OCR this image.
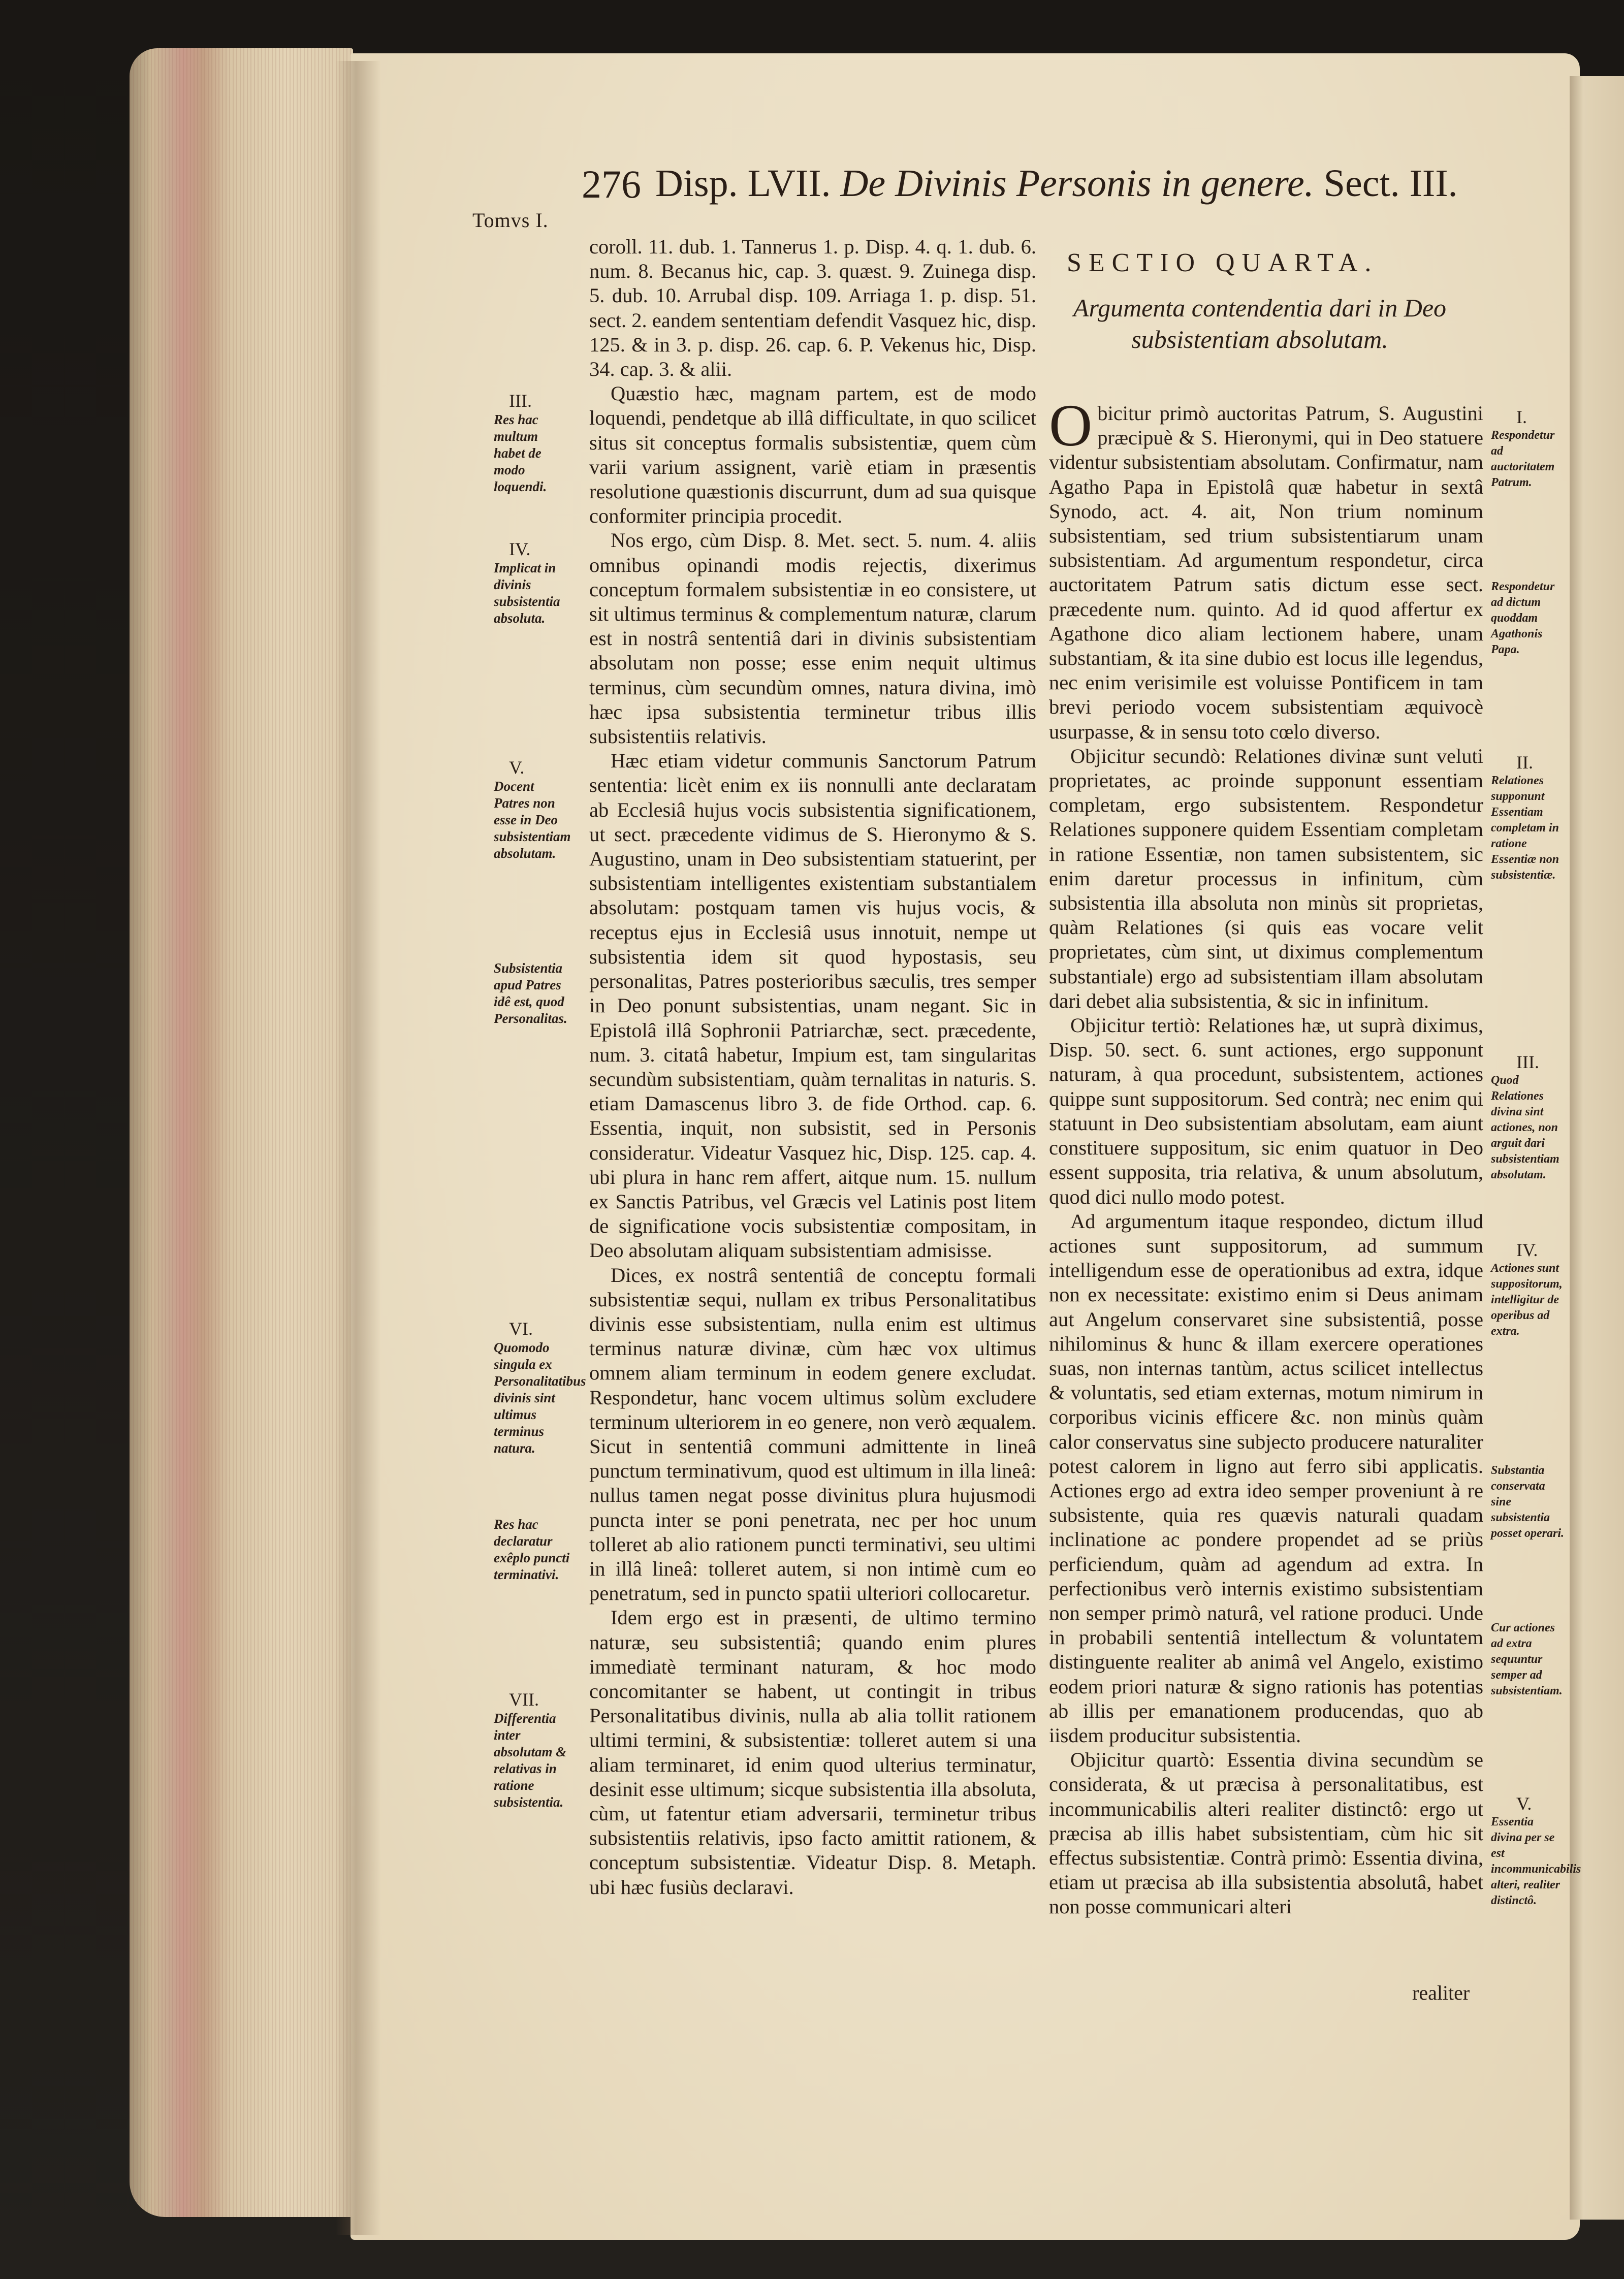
Tomvs I.
276 Disp. LVII. De Divinis Personis in genere. Sect. III.

coroll. 11. dub. 1. Tannerus 1. p. Disp. 4. q. 1. dub. 6. num. 8. Becanus hic, cap. 3. quæst. 9. Zuinega disp. 5. dub. 10. Arrubal disp. 109. Arriaga 1. p. disp. 51. sect. 2. eandem sententiam defendit Vasquez hic, disp. 125. & in 3. p. disp. 26. cap. 6. P. Vekenus hic, Disp. 34. cap. 3. & alii.

Quæstio hæc, magnam partem, est de modo loquendi, pendetque ab illâ difficultate, in quo scilicet situs sit conceptus formalis subsistentiæ, quem cùm varii varium assignent, variè etiam in præsentis resolutione quæstionis discurrunt, dum ad sua quisque conformiter principia procedit.

Nos ergo, cùm Disp. 8. Met. sect. 5. num. 4. aliis omnibus opinandi modis rejectis, dixerimus conceptum formalem subsistentiæ in eo consistere, ut sit ultimus terminus & complementum naturæ, clarum est in nostrâ sententiâ dari in divinis subsistentiam absolutam non posse; esse enim nequit ultimus terminus, cùm secundùm omnes, natura divina, imò hæc ipsa subsistentia terminetur tribus illis subsistentiis relativis.

Hæc etiam videtur communis Sanctorum Patrum sententia: licèt enim ex iis nonnulli ante declaratam ab Ecclesiâ hujus vocis subsistentia significationem, ut sect. præcedente vidimus de S. Hieronymo & S. Augustino, unam in Deo subsistentiam statuerint, per subsistentiam intelligentes existentiam substantialem absolutam: postquam tamen vis hujus vocis, & receptus ejus in Ecclesiâ usus innotuit, nempe ut subsistentia idem sit quod hypostasis, seu personalitas, Patres posterioribus sæculis, tres semper in Deo ponunt subsistentias, unam negant. Sic in Epistolâ illâ Sophronii Patriarchæ, sect. præcedente, num. 3. citatâ habetur, Impium est, tam singularitas secundùm subsistentiam, quàm ternalitas in naturis. S. etiam Damascenus libro 3. de fide Orthod. cap. 6. Essentia, inquit, non subsistit, sed in Personis consideratur. Videatur Vasquez hic, Disp. 125. cap. 4. ubi plura in hanc rem affert, aitque num. 15. nullum ex Sanctis Patribus, vel Græcis vel Latinis post litem de significatione vocis subsistentiæ compositam, in Deo absolutam aliquam subsistentiam admisisse.

Dices, ex nostrâ sententiâ de conceptu formali subsistentiæ sequi, nullam ex tribus Personalitatibus divinis esse subsistentiam, nulla enim est ultimus terminus naturæ divinæ, cùm hæc vox ultimus omnem aliam terminum in eodem genere excludat. Respondetur, hanc vocem ultimus solùm excludere terminum ulteriorem in eo genere, non verò æqualem. Sicut in sententiâ communi admittente in lineâ punctum terminativum, quod est ultimum in illa lineâ: nullus tamen negat posse divinitus plura hujusmodi puncta inter se poni penetrata, nec per hoc unum tolleret ab alio rationem puncti terminativi, seu ultimi in illâ lineâ: tolleret autem, si non intimè cum eo penetratum, sed in puncto spatii ulteriori collocaretur.

Idem ergo est in præsenti, de ultimo termino naturæ, seu subsistentiâ; quando enim plures immediatè terminant naturam, & hoc modo concomitanter se habent, ut contingit in tribus Personalitatibus divinis, nulla ab alia tollit rationem ultimi termini, & subsistentiæ: tolleret autem si una aliam terminaret, id enim quod ulterius terminatur, desinit esse ultimum; sicque subsistentia illa absoluta, cùm, ut fatentur etiam adversarii, terminetur tribus subsistentiis relativis, ipso facto amittit rationem, & conceptum subsistentiæ. Videatur Disp. 8. Metaph. ubi hæc fusiùs declaravi.

III.
Res hac multum habet de modo loquendi.
IV.
Implicat in divinis subsistentia absoluta.
V.
Docent Patres non esse in Deo subsistentiam absolutam.
Subsistentia apud Patres idê est, quod Personalitas.
VI.
Quomodo singula ex Personalitatibus divinis sint ultimus terminus natura.
Res hac declaratur exêplo puncti terminativi.
VII.
Differentia inter absolutam & relativas in ratione subsistentia.
SECTIO QUARTA.
Argumenta contendentia dari in Deo subsistentiam absolutam.

Obicitur primò auctoritas Patrum, S. Augustini præcipuè & S. Hieronymi, qui in Deo statuere videntur subsistentiam absolutam. Confirmatur, nam Agatho Papa in Epistolâ quæ habetur in sextâ Synodo, act. 4. ait, Non trium nominum subsistentiam, sed trium subsistentiarum unam subsistentiam. Ad argumentum respondetur, circa auctoritatem Patrum satis dictum esse sect. præcedente num. quinto. Ad id quod affertur ex Agathone dico aliam lectionem habere, unam substantiam, & ita sine dubio est locus ille legendus, nec enim verisimile est voluisse Pontificem in tam brevi periodo vocem subsistentiam æquivocè usurpasse, & in sensu toto cœlo diverso.

Objicitur secundò: Relationes divinæ sunt veluti proprietates, ac proinde supponunt essentiam completam, ergo subsistentem. Respondetur Relationes supponere quidem Essentiam completam in ratione Essentiæ, non tamen subsistentem, sic enim daretur processus in infinitum, cùm subsistentia illa absoluta non minùs sit proprietas, quàm Relationes (si quis eas vocare velit proprietates, cùm sint, ut diximus complementum substantiale) ergo ad subsistentiam illam absolutam dari debet alia subsistentia, & sic in infinitum.

Objicitur tertiò: Relationes hæ, ut suprà diximus, Disp. 50. sect. 6. sunt actiones, ergo supponunt naturam, à qua procedunt, subsistentem, actiones quippe sunt suppositorum. Sed contrà; nec enim qui statuunt in Deo subsistentiam absolutam, eam aiunt constituere suppositum, sic enim quatuor in Deo essent supposita, tria relativa, & unum absolutum, quod dici nullo modo potest.

Ad argumentum itaque respondeo, dictum illud actiones sunt suppositorum, ad summum intelligendum esse de operationibus ad extra, idque non ex necessitate: existimo enim si Deus animam aut Angelum conservaret sine subsistentiâ, posse nihilominus & hunc & illam exercere operationes suas, non internas tantùm, actus scilicet intellectus & voluntatis, sed etiam externas, motum nimirum in corporibus vicinis efficere &c. non minùs quàm calor conservatus sine subjecto producere naturaliter potest calorem in ligno aut ferro sibi applicatis. Actiones ergo ad extra ideo semper proveniunt à re subsistente, quia res quævis naturali quadam inclinatione ac pondere propendet ad se priùs perficiendum, quàm ad agendum ad extra. In perfectionibus verò internis existimo subsistentiam non semper primò naturâ, vel ratione produci. Unde in probabili sententiâ intellectum & voluntatem distinguente realiter ab animâ vel Angelo, existimo eodem priori naturæ & signo rationis has potentias ab illis per emanationem producendas, quo ab iisdem producitur subsistentia.

Objicitur quartò: Essentia divina secundùm se considerata, & ut præcisa à personalitatibus, est incommunicabilis alteri realiter distinctô: ergo ut præcisa ab illis habet subsistentiam, cùm hic sit effectus subsistentiæ. Contrà primò: Essentia divina, etiam ut præcisa ab illa subsistentia absolutâ, habet non posse communicari alteri

realiter
I.
Respondetur ad auctoritatem Patrum.
Respondetur ad dictum quoddam Agathonis Papa.
II.
Relationes supponunt Essentiam completam in ratione Essentiæ non subsistentiæ.
III.
Quod Relationes divina sint actiones, non arguit dari subsistentiam absolutam.
IV.
Actiones sunt suppositorum, intelligitur de operibus ad extra.
Substantia conservata sine subsistentia posset operari.
Cur actiones ad extra sequuntur semper ad subsistentiam.
V.
Essentia divina per se est incommunicabilis alteri, realiter distinctô.
